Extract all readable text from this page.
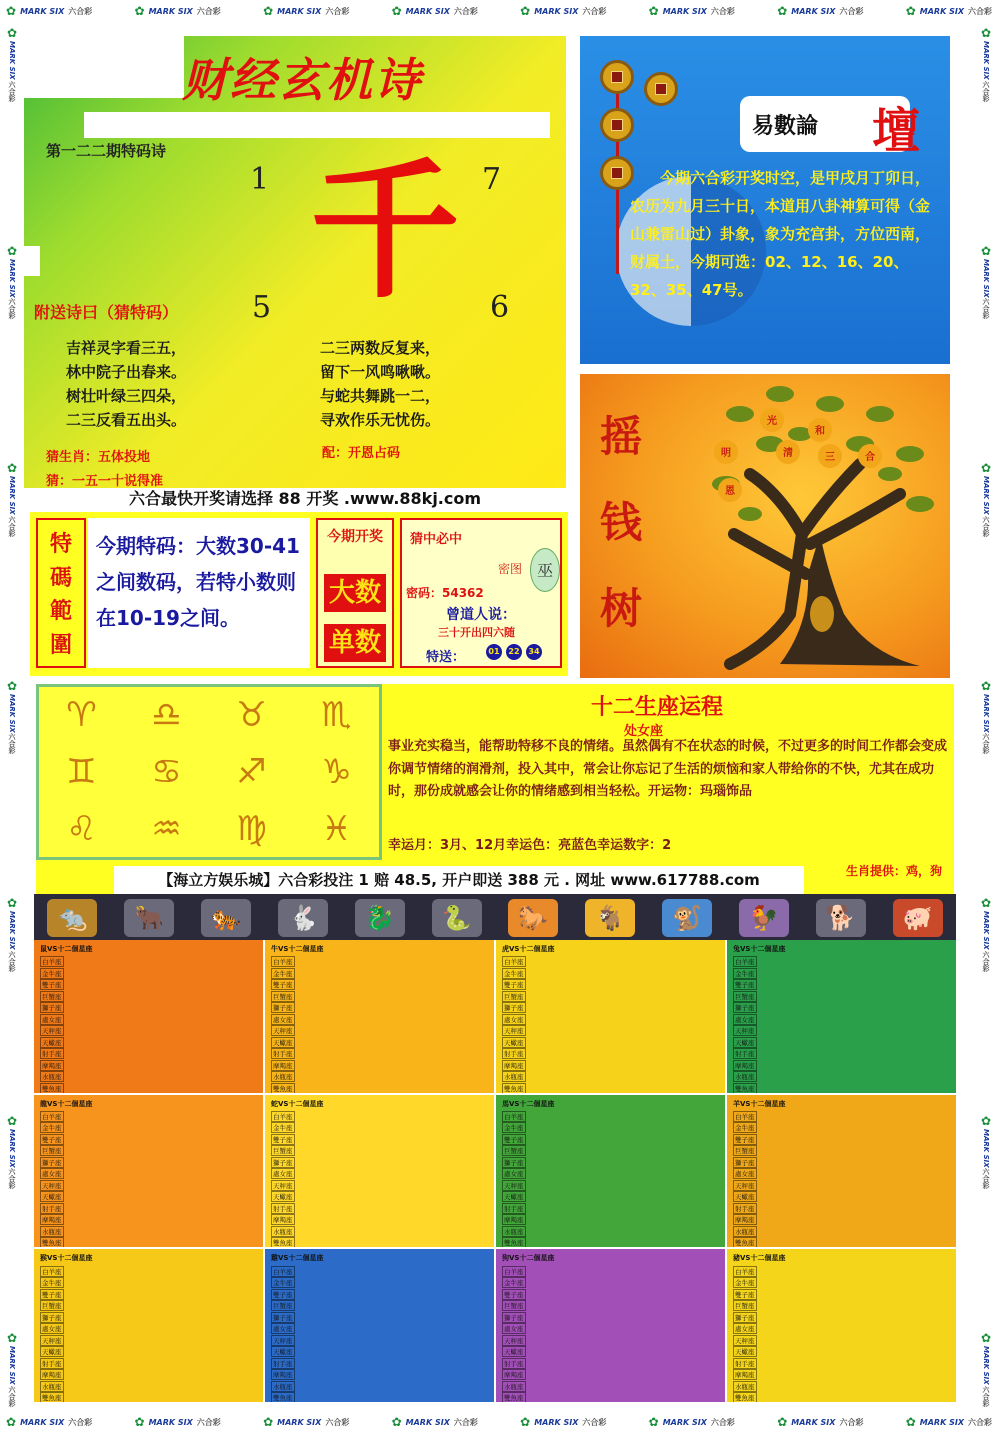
✿ MARK SIX 六合彩	✿ MARK SIX 六合彩	✿ MARK SIX 六合彩	✿ MARK SIX 六合彩	✿ MARK SIX 六合彩	✿ MARK SIX 六合彩	✿ MARK SIX 六合彩	✿ MARK SIX 六合彩
✿ MARK SIX 六合彩	✿ MARK SIX 六合彩	✿ MARK SIX 六合彩	✿ MARK SIX 六合彩	✿ MARK SIX 六合彩	✿ MARK SIX 六合彩	✿ MARK SIX 六合彩	✿ MARK SIX 六合彩
✿
MARK SIX
六合彩
✿
MARK SIX
六合彩
✿
MARK SIX
六合彩
✿
MARK SIX
六合彩
✿
MARK SIX
六合彩
✿
MARK SIX
六合彩
✿
MARK SIX
六合彩
✿
MARK SIX
六合彩
✿
MARK SIX
六合彩
✿
MARK SIX
六合彩
✿
MARK SIX
六合彩
✿
MARK SIX
六合彩
✿
MARK SIX
六合彩
✿
MARK SIX
六合彩
财经玄机诗
第一二二期特码诗 千
1	7
5	6
附送诗曰（猜特码）
吉祥灵字看三五，
林中院子出春来。
树壮叶绿三四朵，
二三反看五出头。
二三两数反复来，
留下一风鸣啾啾。
与蛇共舞跳一二，
寻欢作乐无忧伤。
猜生肖：五体投地
猜：一五一十说得准
配：开恩占码
六合最快开奖请选择 88 开奖 .www.88kj.com
易數論 壇
今期六合彩开奖时空，是甲戌月丁卯日，农历为九月三十日，本道用八卦神算可得（金山兼雷山过）卦象，象为充宫卦，方位西南，财属土，今期可选：02、12、16、20、32、35、47号。
摇
钱
树
光
和
明	清	三	合
恩
特
碼
範
圍
今期特码：大数30-41之间数码，若特小数则在10-19之间。
今期开奖
大数
单数
猜中必中
密码：54362
密图 巫
曾道人说：
三十开出四六随
特送：	01	22	34
♈	♎	♉	♏
♊	♋	♐	♑
♌	♒	♍	♓
十二生座运程
处女座
事业充实稳当，能帮助特移不良的情绪。虽然偶有不在状态的时候，不过更多的时间工作都会变成你调节情绪的润滑剂，投入其中，常会让你忘记了生活的烦恼和家人带给你的不快，尤其在成功时，那份成就感会让你的情绪感到相当轻松。开运物：玛瑙饰品
幸运月：3月、12月幸运色：亮蓝色幸运数字：2
生肖提供：鸡，狗
【海立方娱乐城】六合彩投注 1 赔 48.5, 开户即送 388 元 . 网址 www.617788.com
🐀	🐂	🐅	🐇	🐉	🐍	🐎	🐐	🐒	🐓	🐕	🐖
鼠VS十二個星座
白羊座
金牛座
雙子座
巨蟹座
獅子座
處女座
天秤座
天蠍座
射手座
摩羯座
水瓶座
雙魚座
牛VS十二個星座
白羊座
金牛座
雙子座
巨蟹座
獅子座
處女座
天秤座
天蠍座
射手座
摩羯座
水瓶座
雙魚座
虎VS十二個星座
白羊座
金牛座
雙子座
巨蟹座
獅子座
處女座
天秤座
天蠍座
射手座
摩羯座
水瓶座
雙魚座
兔VS十二個星座
白羊座
金牛座
雙子座
巨蟹座
獅子座
處女座
天秤座
天蠍座
射手座
摩羯座
水瓶座
雙魚座
龍VS十二個星座
白羊座
金牛座
雙子座
巨蟹座
獅子座
處女座
天秤座
天蠍座
射手座
摩羯座
水瓶座
雙魚座
蛇VS十二個星座
白羊座
金牛座
雙子座
巨蟹座
獅子座
處女座
天秤座
天蠍座
射手座
摩羯座
水瓶座
雙魚座
馬VS十二個星座
白羊座
金牛座
雙子座
巨蟹座
獅子座
處女座
天秤座
天蠍座
射手座
摩羯座
水瓶座
雙魚座
羊VS十二個星座
白羊座
金牛座
雙子座
巨蟹座
獅子座
處女座
天秤座
天蠍座
射手座
摩羯座
水瓶座
雙魚座
猴VS十二個星座
白羊座
金牛座
雙子座
巨蟹座
獅子座
處女座
天秤座
天蠍座
射手座
摩羯座
水瓶座
雙魚座
雞VS十二個星座
白羊座
金牛座
雙子座
巨蟹座
獅子座
處女座
天秤座
天蠍座
射手座
摩羯座
水瓶座
雙魚座
狗VS十二個星座
白羊座
金牛座
雙子座
巨蟹座
獅子座
處女座
天秤座
天蠍座
射手座
摩羯座
水瓶座
雙魚座
豬VS十二個星座
白羊座
金牛座
雙子座
巨蟹座
獅子座
處女座
天秤座
天蠍座
射手座
摩羯座
水瓶座
雙魚座
